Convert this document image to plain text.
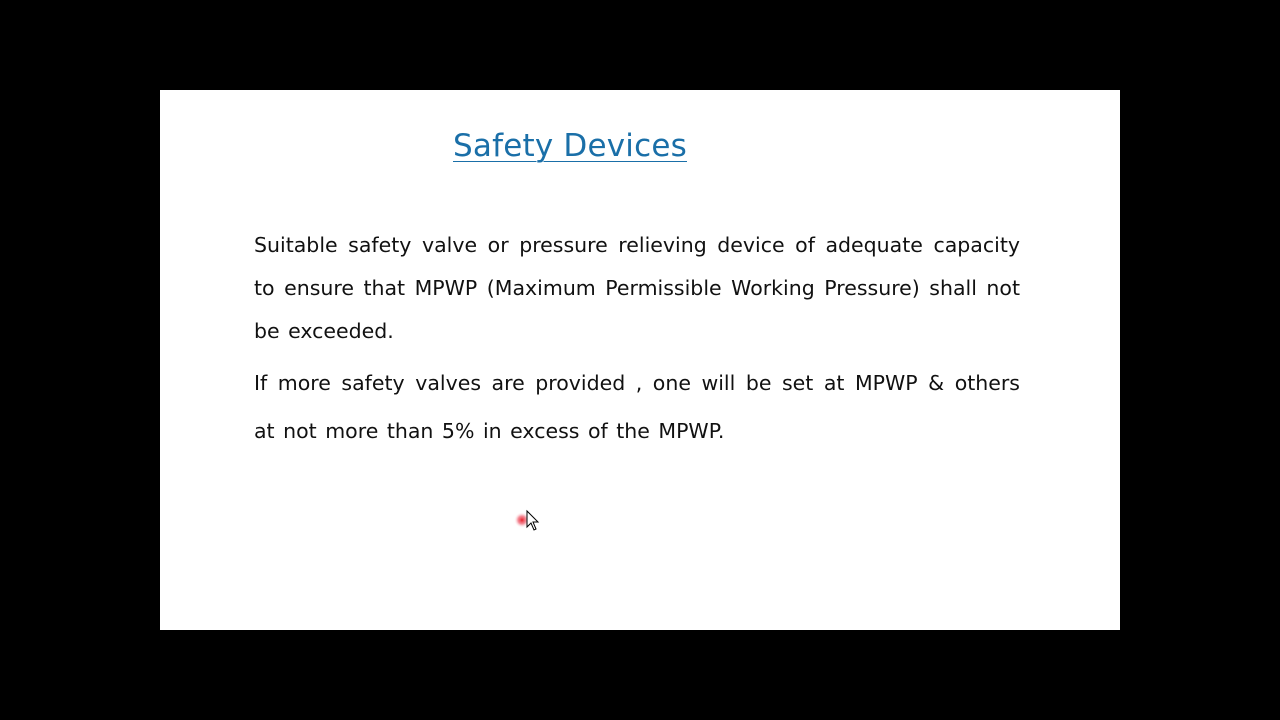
Safety Devices
Suitable safety valve or pressure relieving device of adequate capacity to ensure that MPWP (Maximum Permissible Working Pressure) shall not be exceeded.
If more safety valves are provided , one will be set at MPWP & others at not more than 5% in excess of the MPWP.
